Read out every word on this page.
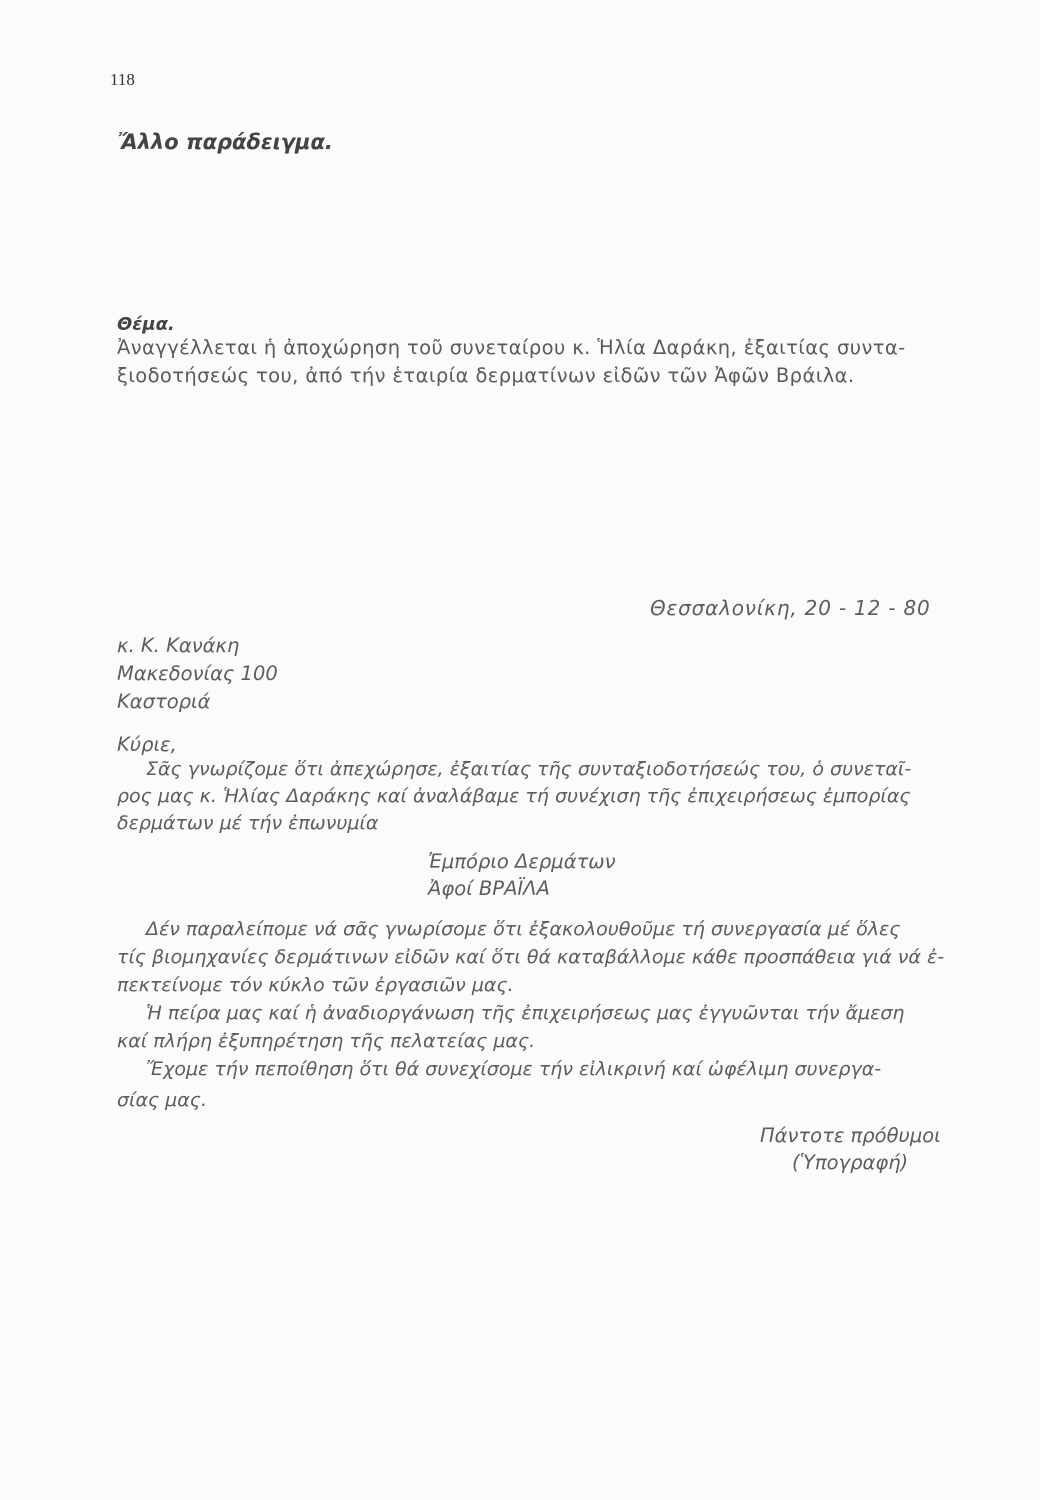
118
Ἄλλο παράδειγμα.
Θέμα.
Ἀναγγέλλεται ἡ ἀποχώρηση τοῦ συνεταίρου κ. Ἡλία Δαράκη, ἐξαιτίας συντα-
ξιοδοτήσεώς του, ἀπό τήν ἑταιρία δερματίνων εἰδῶν τῶν Ἀφῶν Βράιλα.
Θεσσαλονίκη, 20 - 12 - 80
κ. Κ. Κανάκη
Μακεδονίας 100
Καστοριά
Κύριε,
Σᾶς γνωρίζομε ὅτι ἀπεχώρησε, ἐξαιτίας τῆς συνταξιοδοτήσεώς του, ὁ συνεταῖ-
ρος μας κ. Ἡλίας Δαράκης καί ἀναλάβαμε τή συνέχιση τῆς ἐπιχειρήσεως ἐμπορίας
δερμάτων μέ τήν ἐπωνυμία
Ἐμπόριο Δερμάτων
Ἀφοί ΒΡΑΪΛΑ
Δέν παραλείπομε νά σᾶς γνωρίσομε ὅτι ἐξακολουθοῦμε τή συνεργασία μέ ὅλες
τίς βιομηχανίες δερμάτινων εἰδῶν καί ὅτι θά καταβάλλομε κάθε προσπάθεια γιά νά ἐ-
πεκτείνομε τόν κύκλο τῶν ἐργασιῶν μας.
Ἡ πείρα μας καί ἡ ἀναδιοργάνωση τῆς ἐπιχειρήσεως μας ἐγγυῶνται τήν ἄμεση
καί πλήρη ἐξυπηρέτηση τῆς πελατείας μας.
Ἔχομε τήν πεποίθηση ὅτι θά συνεχίσομε τήν εἰλικρινή καί ὠφέλιμη συνεργα-
σίας μας.
Πάντοτε πρόθυμοι
(Ὑπογραφή)
